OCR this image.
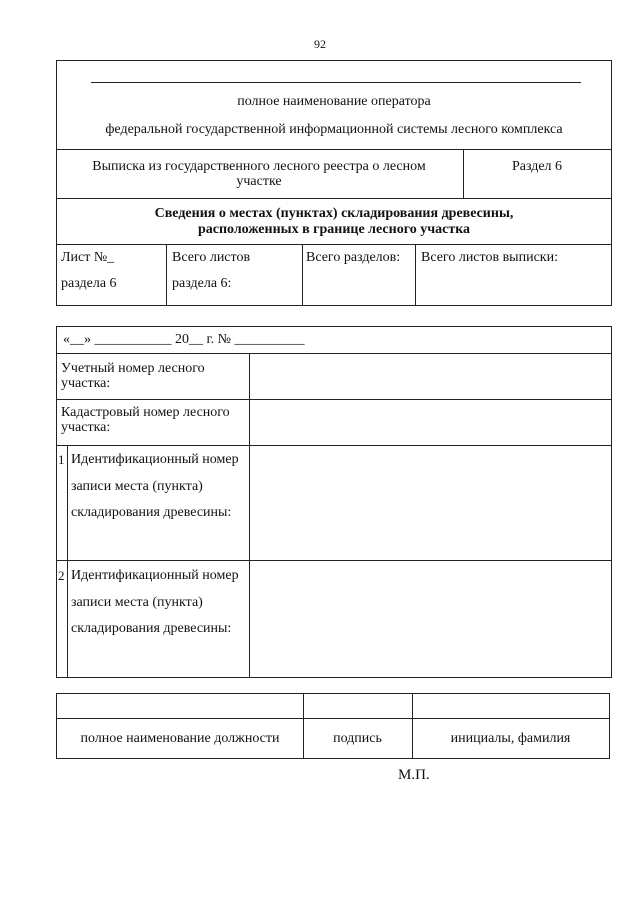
92
полное наименование оператора
федеральной государственной информационной системы лесного комплекса
Выписка из государственного лесного реестра о лесном участке
Раздел 6
Сведения о местах (пунктах) складирования древесины,
расположенных в границе лесного участка
Лист №_
раздела 6
Всего листов
раздела 6:
Всего разделов: Всего листов выписки:
«__» ___________ 20__ г. № __________
Учетный номер лесного участка:
Кадастровый номер лесного участка:
1 Идентификационный номер записи места (пункта) складирования древесины:
2 Идентификационный номер записи места (пункта) складирования древесины:
полное наименование должности	подпись	инициалы, фамилия
М.П.
